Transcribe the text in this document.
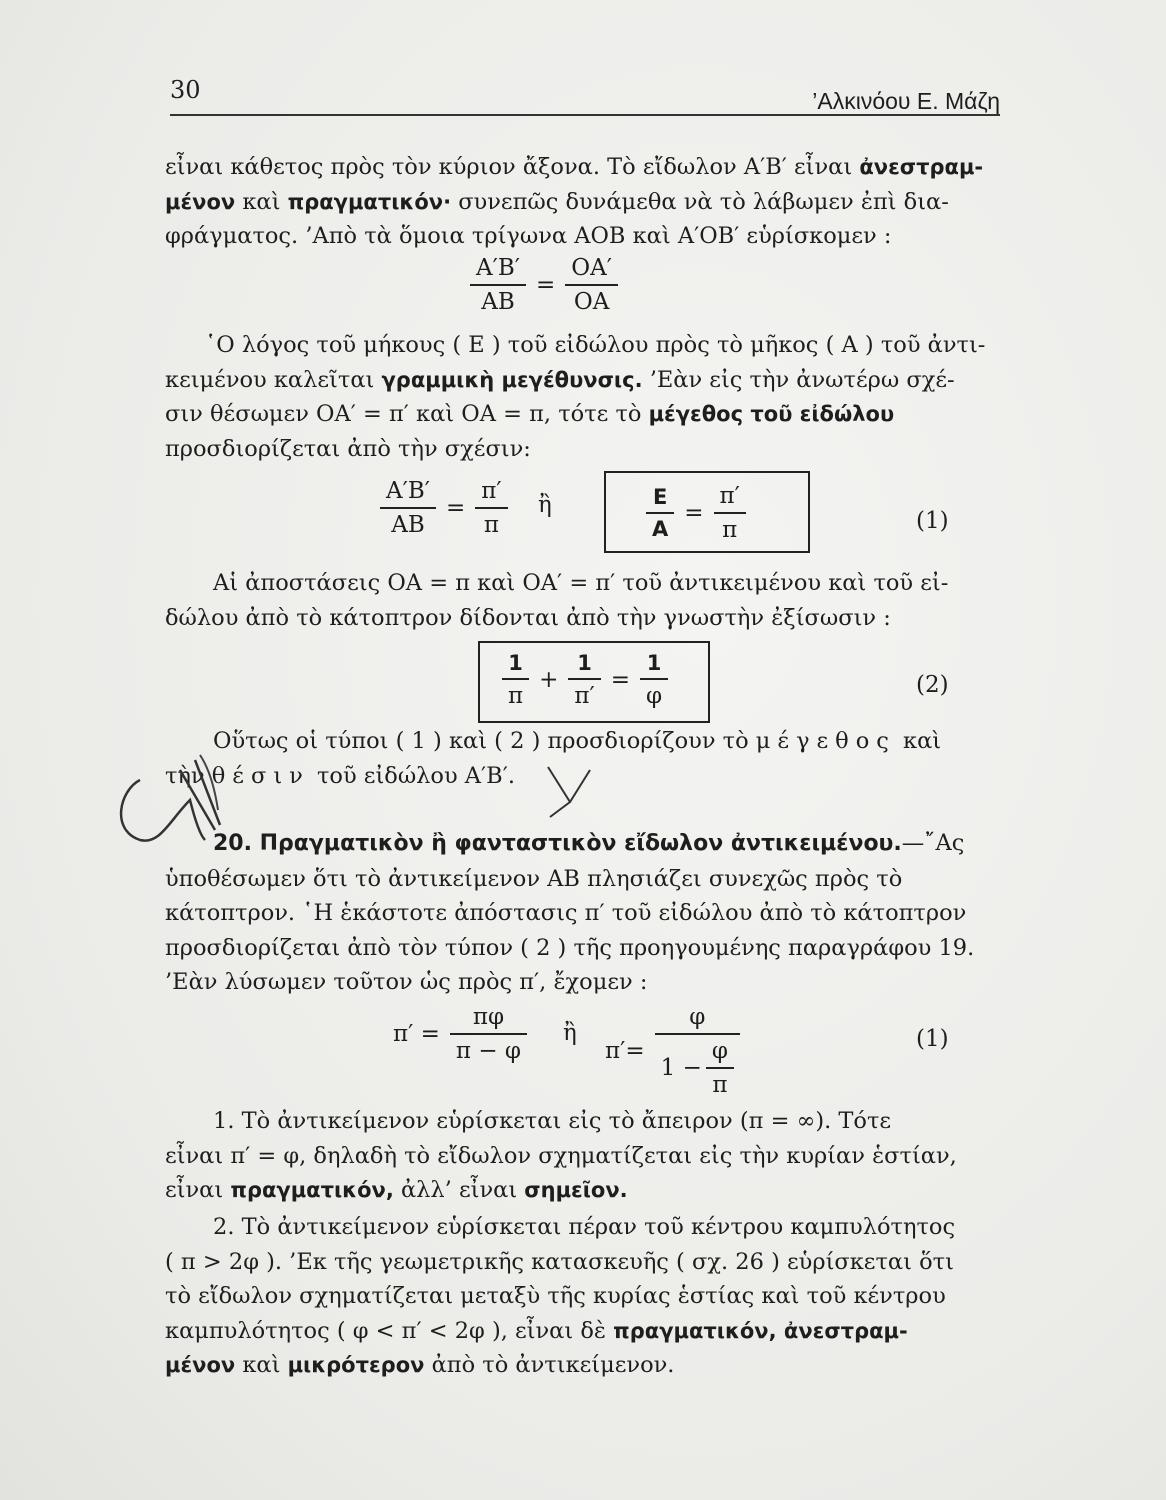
30	’Αλκινόου Ε. Μάζη
εἶναι κάθετος πρὸς τὸν κύριον ἄξονα. Τὸ εἴδωλον Α′Β′ εἶναι ἀνεστραμ-
μένον καὶ πραγματικόν· συνεπῶς δυνάμεθα νὰ τὸ λάβωμεν ἐπὶ δια-
φράγματος. ’Απὸ τὰ ὅμοια τρίγωνα ΑΟΒ καὶ Α′ΟΒ′ εὑρίσκομεν :
$\frac{A'B'}{AB} = \frac{OA'}{OA}$
῾Ο λόγος τοῦ μήκους ( Ε ) τοῦ εἰδώλου πρὸς τὸ μῆκος ( Α ) τοῦ ἀντι-
κειμένου καλεῖται γραμμικὴ μεγέθυνσις. ’Εὰν εἰς τὴν ἀνωτέρω σχέ-
σιν θέσωμεν ΟΑ′ = π′ καὶ ΟΑ = π, τότε τὸ μέγεθος τοῦ εἰδώλου
προσδιορίζεται ἀπὸ τὴν σχέσιν:
$\frac{A'B'}{AB} = \frac{\pi'}{\pi}$ ἢ	$\frac{E}{A} = \frac{\pi'}{\pi}$	(1)
Αἱ ἀποστάσεις ΟΑ = π καὶ ΟΑ′ = π′ τοῦ ἀντικειμένου καὶ τοῦ εἰ-
δώλου ἀπὸ τὸ κάτοπτρον δίδονται ἀπὸ τὴν γνωστὴν ἐξίσωσιν :
$\frac{1}{\pi} + \frac{1}{\pi'} = \frac{1}{\varphi}$	(2)
Οὕτως οἱ τύποι ( 1 ) καὶ ( 2 ) προσδιορίζουν τὸ μέγεθος καὶ
τὴν θέσιν τοῦ εἰδώλου Α′Β′.
20. Πραγματικὸν ἢ φανταστικὸν εἴδωλον ἀντικειμένου.—῎Ας
ὑποθέσωμεν ὅτι τὸ ἀντικείμενον ΑΒ πλησιάζει συνεχῶς πρὸς τὸ
κάτοπτρον. ῾Η ἑκάστοτε ἀπόστασις π′ τοῦ εἰδώλου ἀπὸ τὸ κάτοπτρον
προσδιορίζεται ἀπὸ τὸν τύπον ( 2 ) τῆς προηγουμένης παραγράφου 19.
’Εὰν λύσωμεν τοῦτον ὡς πρὸς π′, ἔχομεν :
$\pi' = \frac{\pi\varphi}{\pi - \varphi}$ ἢ
$\pi'= \frac{\varphi}{1 - \frac{\varphi}{\pi}}$	(1)
1. Τὸ ἀντικείμενον εὑρίσκεται εἰς τὸ ἄπειρον (π = ∞). Τότε
εἶναι π′ = φ, δηλαδὴ τὸ εἴδωλον σχηματίζεται εἰς τὴν κυρίαν ἑστίαν,
εἶναι πραγματικόν, ἀλλ’ εἶναι σημεῖον.
2. Τὸ ἀντικείμενον εὑρίσκεται πέραν τοῦ κέντρου καμπυλότητος
( π > 2φ ). ’Εκ τῆς γεωμετρικῆς κατασκευῆς ( σχ. 26 ) εὑρίσκεται ὅτι
τὸ εἴδωλον σχηματίζεται μεταξὺ τῆς κυρίας ἑστίας καὶ τοῦ κέντρου
καμπυλότητος ( φ < π′ < 2φ ), εἶναι δὲ πραγματικόν, ἀνεστραμ-
μένον καὶ μικρότερον ἀπὸ τὸ ἀντικείμενον.
